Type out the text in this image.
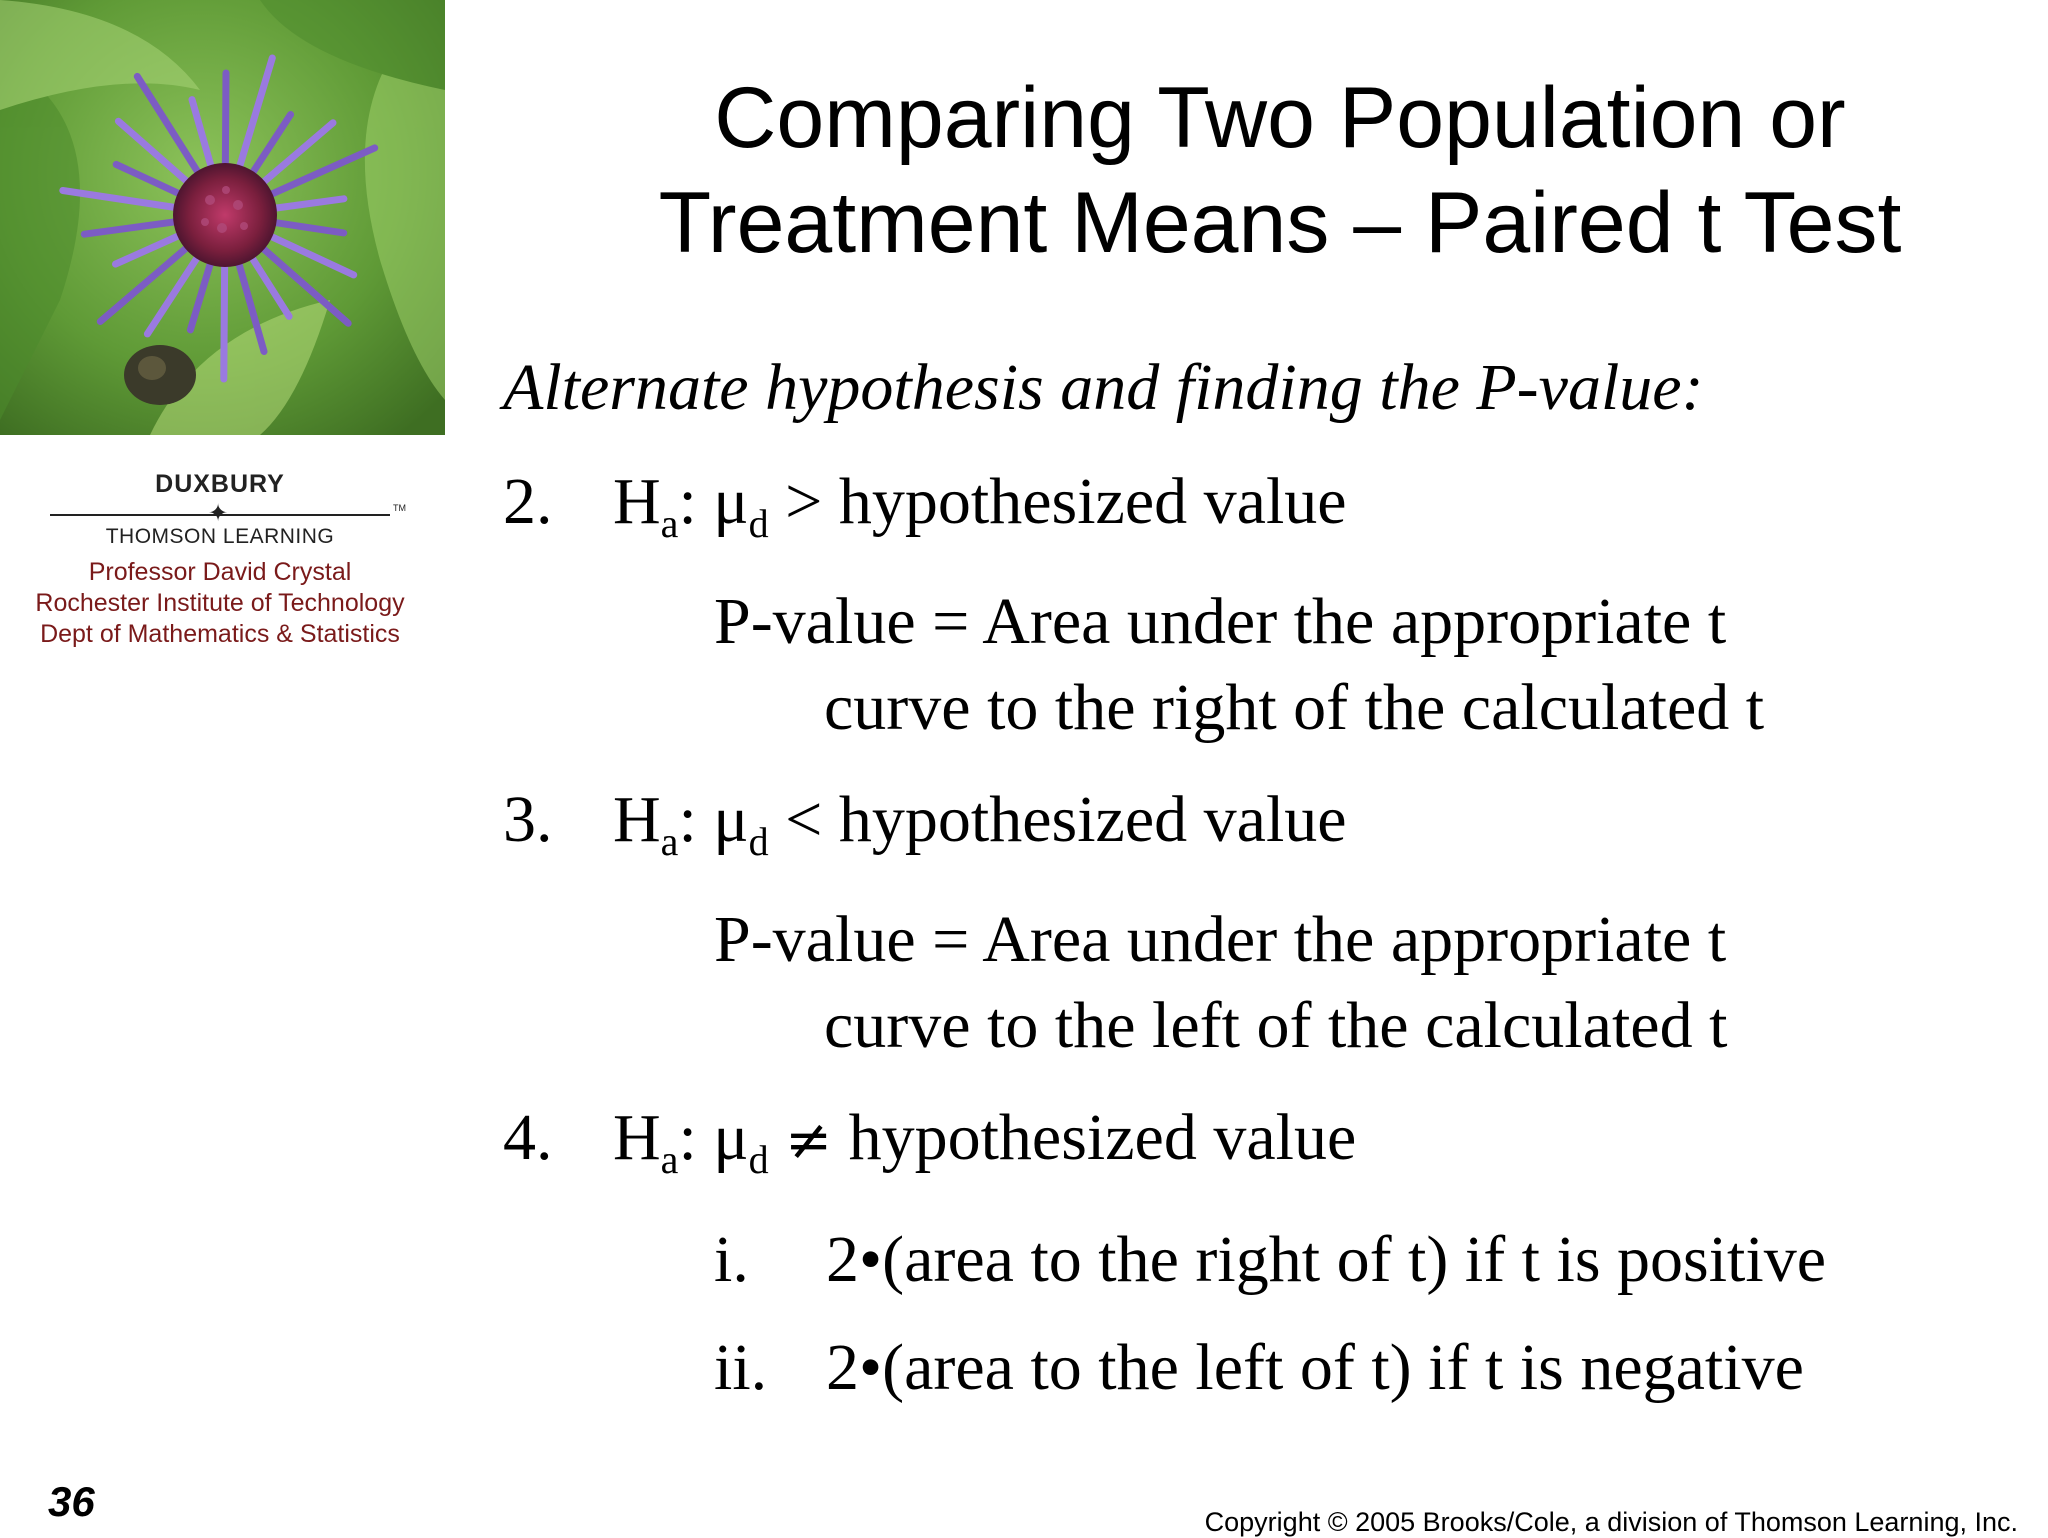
DUXBURY
✦	TM
THOMSON LEARNING
Professor David Crystal
Rochester Institute of Technology
Dept of Mathematics & Statistics
Comparing Two Population or
Treatment Means – Paired t Test
Alternate hypothesis and finding the P-value:
2. $H_a$: $\mu_d$ > hypothesized value
P-value = Area under the appropriate t
curve to the right of the calculated t
3. $H_a$: $\mu_d$ < hypothesized value
P-value = Area under the appropriate t
curve to the left of the calculated t
4. $H_a$: $\mu_d$ ≠ hypothesized value
i. 2•(area to the right of t) if t is positive
ii. 2•(area to the left of t) if t is negative
36	Copyright © 2005 Brooks/Cole, a division of Thomson Learning, Inc.
